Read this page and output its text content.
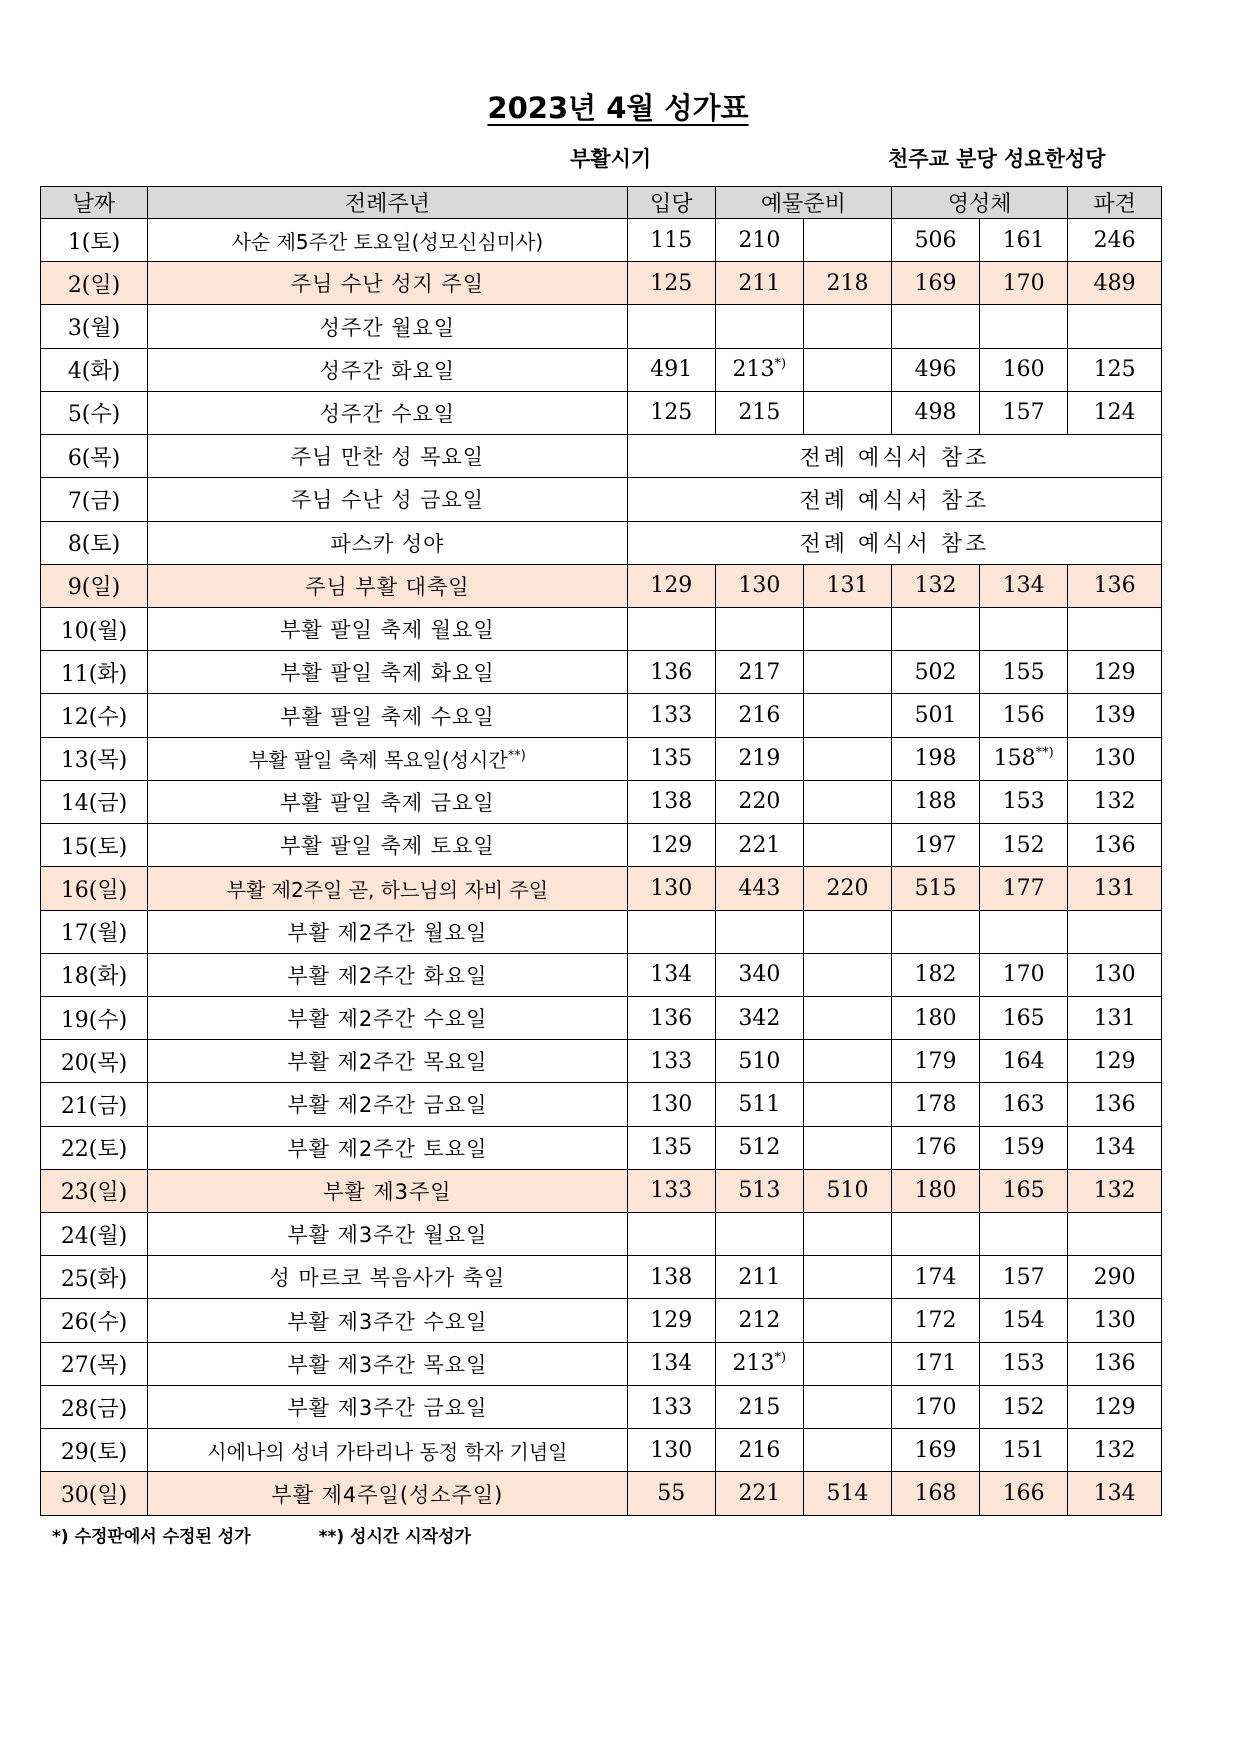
2023년 4월 성가표
부활시기	천주교 분당 성요한성당
날짜	전례주년	입당	예물준비		영성체		파견
1(토)	사순 제5주간 토요일(성모신심미사)	115	210		506	161	246
2(일)	주님 수난 성지 주일	125	211	218	169	170	489
3(월)	성주간 월요일						
4(화)	성주간 화요일	491	213*)		496	160	125
5(수)	성주간 수요일	125	215		498	157	124
6(목)	주님 만찬 성 목요일	전례 예식서 참조					
7(금)	주님 수난 성 금요일	전례 예식서 참조					
8(토)	파스카 성야	전례 예식서 참조					
9(일)	주님 부활 대축일	129	130	131	132	134	136
10(월)	부활 팔일 축제 월요일						
11(화)	부활 팔일 축제 화요일	136	217		502	155	129
12(수)	부활 팔일 축제 수요일	133	216		501	156	139
13(목)	부활 팔일 축제 목요일(성시간**)	135	219		198	158**)	130
14(금)	부활 팔일 축제 금요일	138	220		188	153	132
15(토)	부활 팔일 축제 토요일	129	221		197	152	136
16(일)	부활 제2주일 곧, 하느님의 자비 주일	130	443	220	515	177	131
17(월)	부활 제2주간 월요일						
18(화)	부활 제2주간 화요일	134	340		182	170	130
19(수)	부활 제2주간 수요일	136	342		180	165	131
20(목)	부활 제2주간 목요일	133	510		179	164	129
21(금)	부활 제2주간 금요일	130	511		178	163	136
22(토)	부활 제2주간 토요일	135	512		176	159	134
23(일)	부활 제3주일	133	513	510	180	165	132
24(월)	부활 제3주간 월요일						
25(화)	성 마르코 복음사가 축일	138	211		174	157	290
26(수)	부활 제3주간 수요일	129	212		172	154	130
27(목)	부활 제3주간 목요일	134	213*)		171	153	136
28(금)	부활 제3주간 금요일	133	215		170	152	129
29(토)	시에나의 성녀 가타리나 동정 학자 기념일	130	216		169	151	132
30(일)	부활 제4주일(성소주일)	55	221	514	168	166	134
*) 수정판에서 수정된 성가	**) 성시간 시작성가
